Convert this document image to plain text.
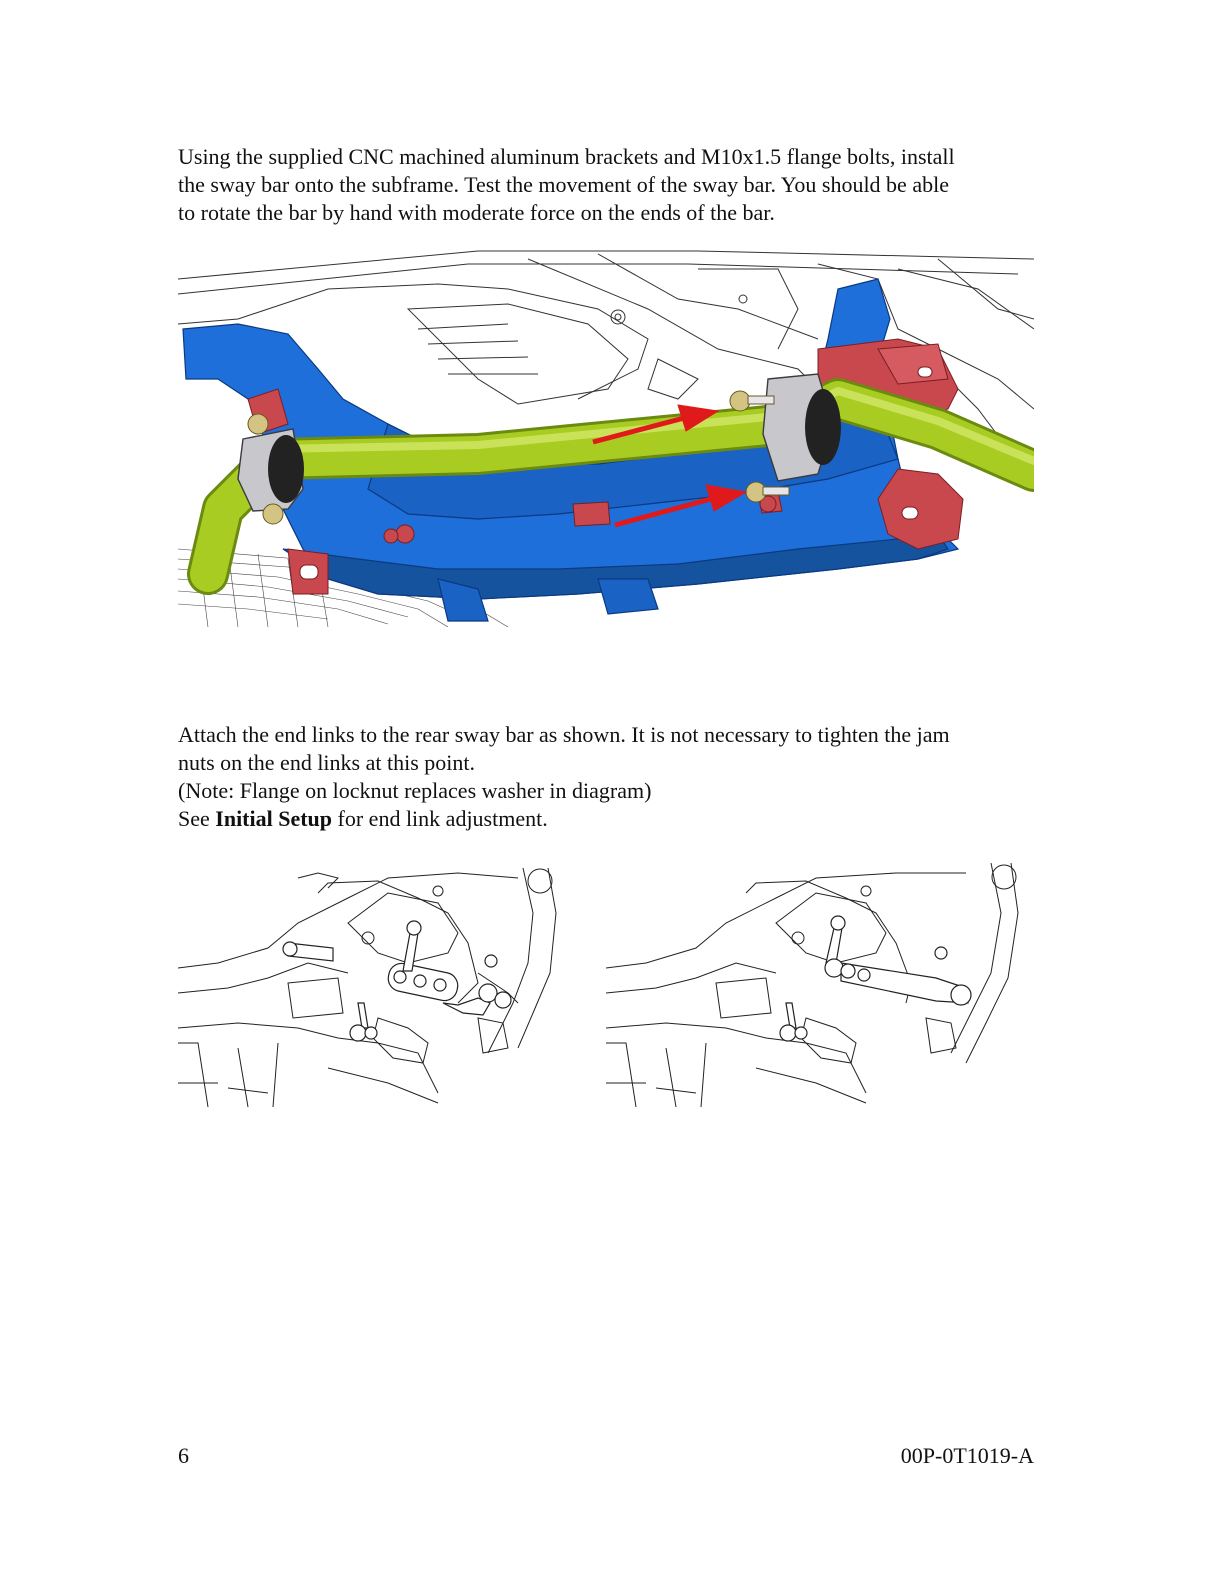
Using the supplied CNC machined aluminum brackets and M10x1.5 flange bolts, install
the sway bar onto the subframe. Test the movement of the sway bar. You should be able
to rotate the bar by hand with moderate force on the ends of the bar.
Attach the end links to the rear sway bar as shown. It is not necessary to tighten the jam
nuts on the end links at this point.
(Note: Flange on locknut replaces washer in diagram)
See Initial Setup for end link adjustment.
6	00P-0T1019-A
